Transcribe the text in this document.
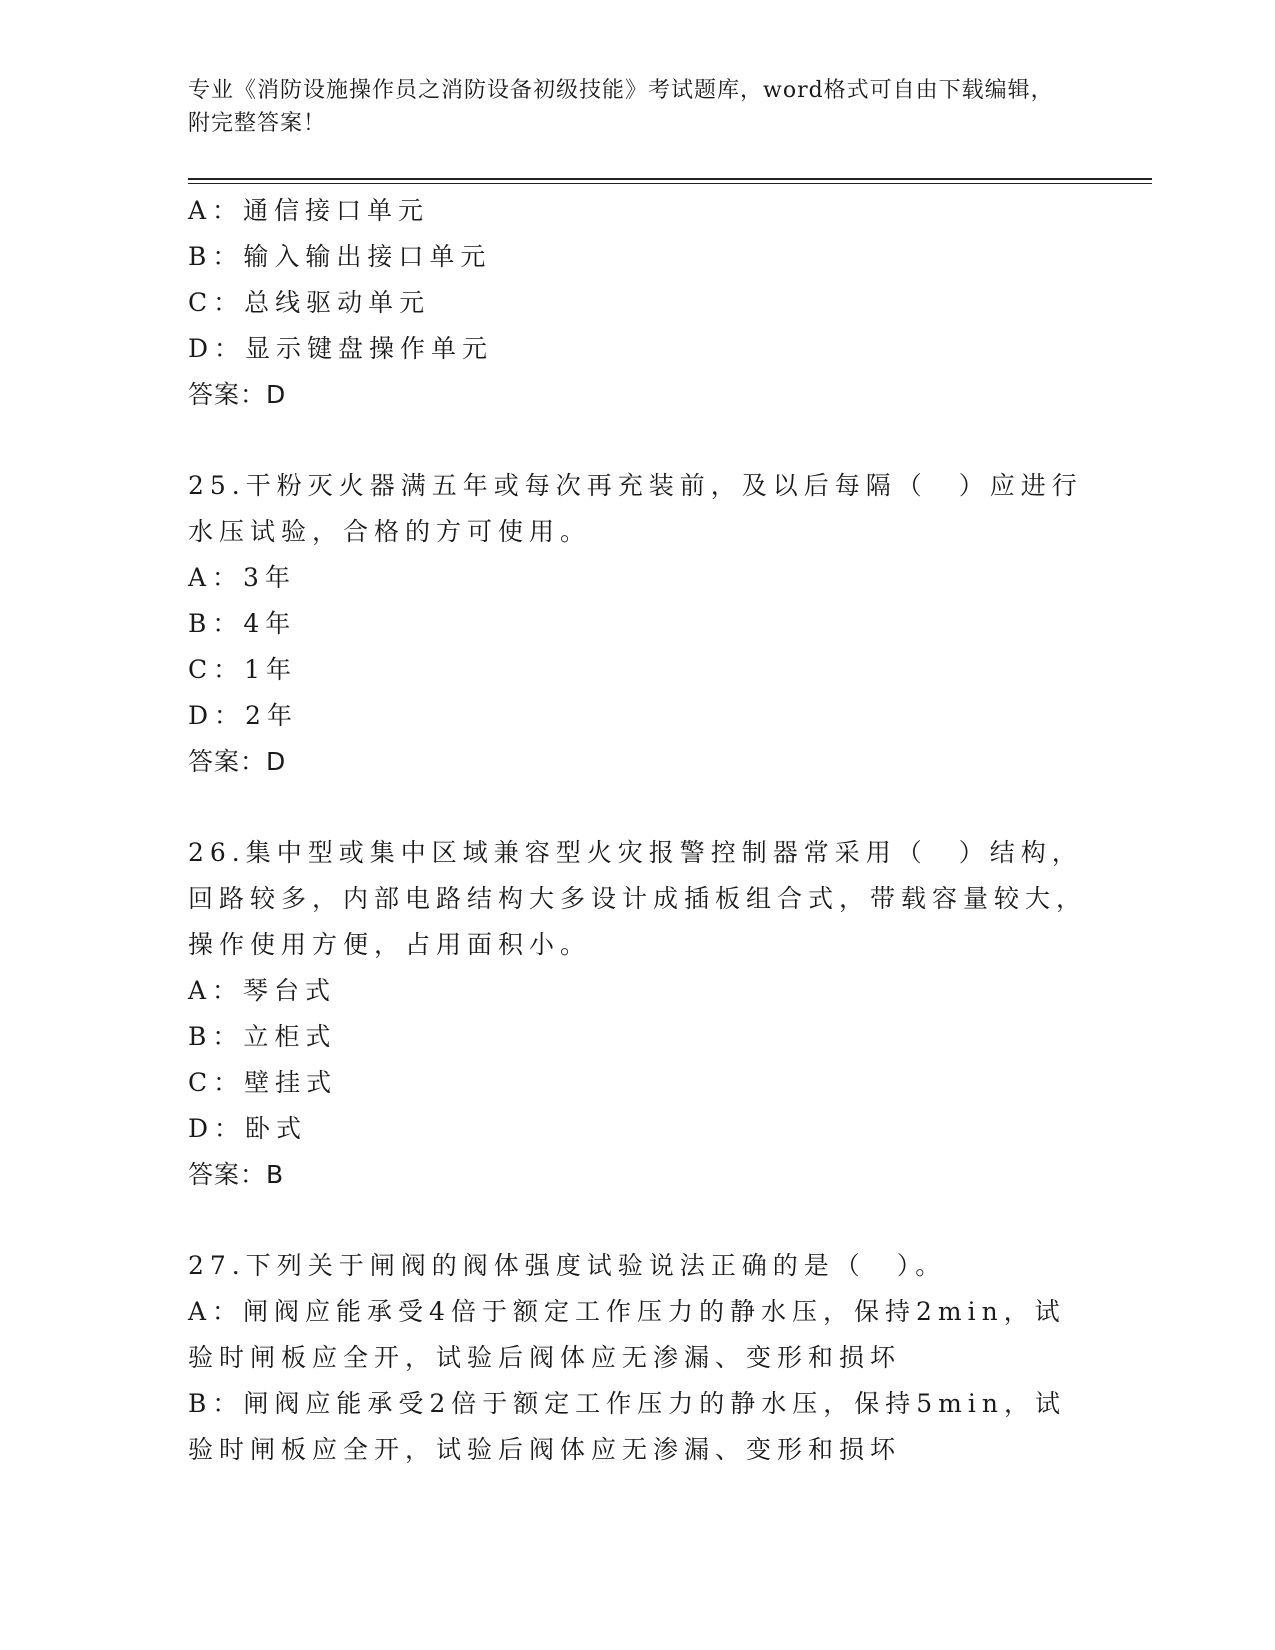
专业《消防设施操作员之消防设备初级技能》考试题库，word格式可自由下载编辑，附完整答案！
A：通信接口单元
B：输入输出接口单元
C：总线驱动单元
D：显示键盘操作单元
答案：D
25.干粉灭火器满五年或每次再充装前，及以后每隔（　）应进行水压试验，合格的方可使用。
A：3年
B：4年
C：1年
D：2年
答案：D
26.集中型或集中区域兼容型火灾报警控制器常采用（　）结构，回路较多，内部电路结构大多设计成插板组合式，带载容量较大，操作使用方便，占用面积小。
A：琴台式
B：立柜式
C：壁挂式
D：卧式
答案：B
27.下列关于闸阀的阀体强度试验说法正确的是（　）。
A：闸阀应能承受4倍于额定工作压力的静水压，保持2min，试验时闸板应全开，试验后阀体应无渗漏、变形和损坏
B：闸阀应能承受2倍于额定工作压力的静水压，保持5min，试验时闸板应全开，试验后阀体应无渗漏、变形和损坏
